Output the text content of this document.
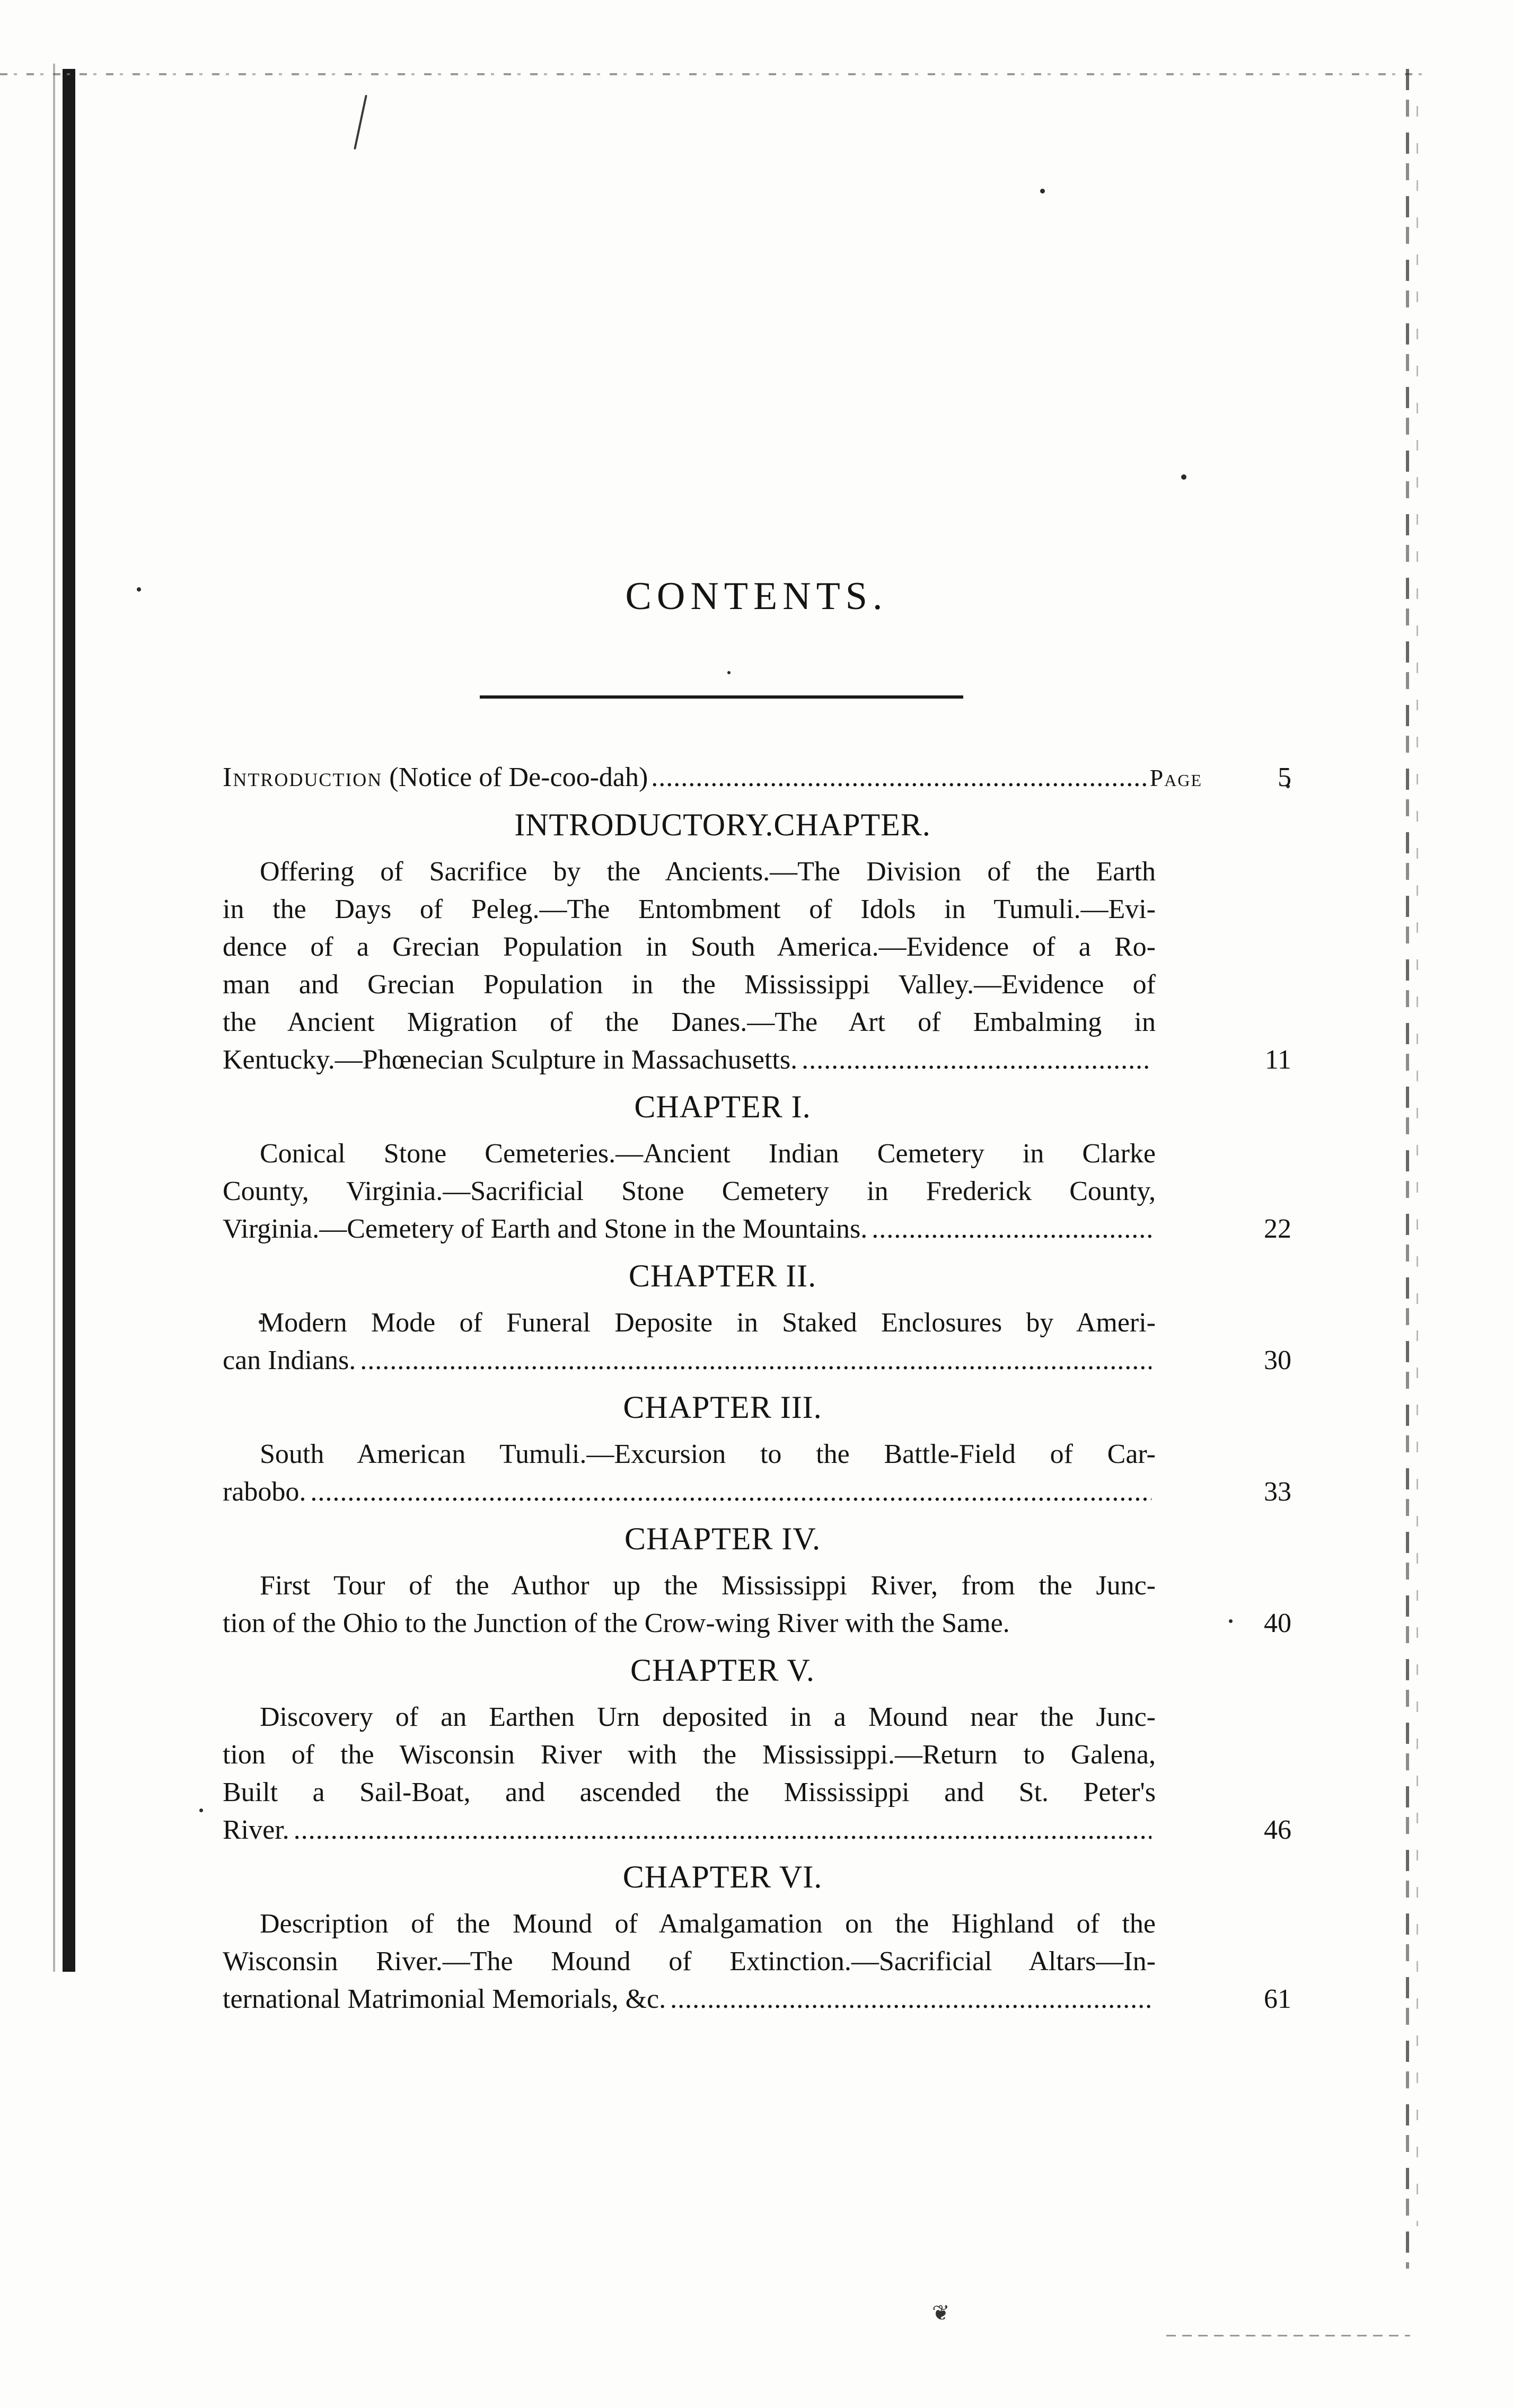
CONTENTS.
Introduction (Notice of De-coo-dah) . . .	Page	5
INTRODUCTORY.CHAPTER.
Offering of Sacrifice by the Ancients.—The Division of the Earth
in the Days of Peleg.—The Entombment of Idols in Tumuli.—Evi-
dence of a Grecian Population in South America.—Evidence of a Ro-
man and Grecian Population in the Mississippi Valley.—Evidence of
the Ancient Migration of the Danes.—The Art of Embalming in
Kentucky.—Phœnecian Sculpture in Massachusetts. . . .	11
CHAPTER I.
Conical Stone Cemeteries.—Ancient Indian Cemetery in Clarke
County, Virginia.—Sacrificial Stone Cemetery in Frederick County,
Virginia.—Cemetery of Earth and Stone in the Mountains. . . .	22
CHAPTER II.
Modern Mode of Funeral Deposite in Staked Enclosures by Ameri-
can Indians. . . .	30
CHAPTER III.
South American Tumuli.—Excursion to the Battle-Field of Car-
rabobo. . . .	33
CHAPTER IV.
First Tour of the Author up the Mississippi River, from the Junc-
tion of the Ohio to the Junction of the Crow-wing River with the Same.	40
CHAPTER V.
Discovery of an Earthen Urn deposited in a Mound near the Junc-
tion of the Wisconsin River with the Mississippi.—Return to Galena,
Built a Sail-Boat, and ascended the Mississippi and St. Peter's
River. . . .	46
CHAPTER VI.
Description of the Mound of Amalgamation on the Highland of the
Wisconsin River.—The Mound of Extinction.—Sacrificial Altars—In-
ternational Matrimonial Memorials, &c. . . .	61
❦
